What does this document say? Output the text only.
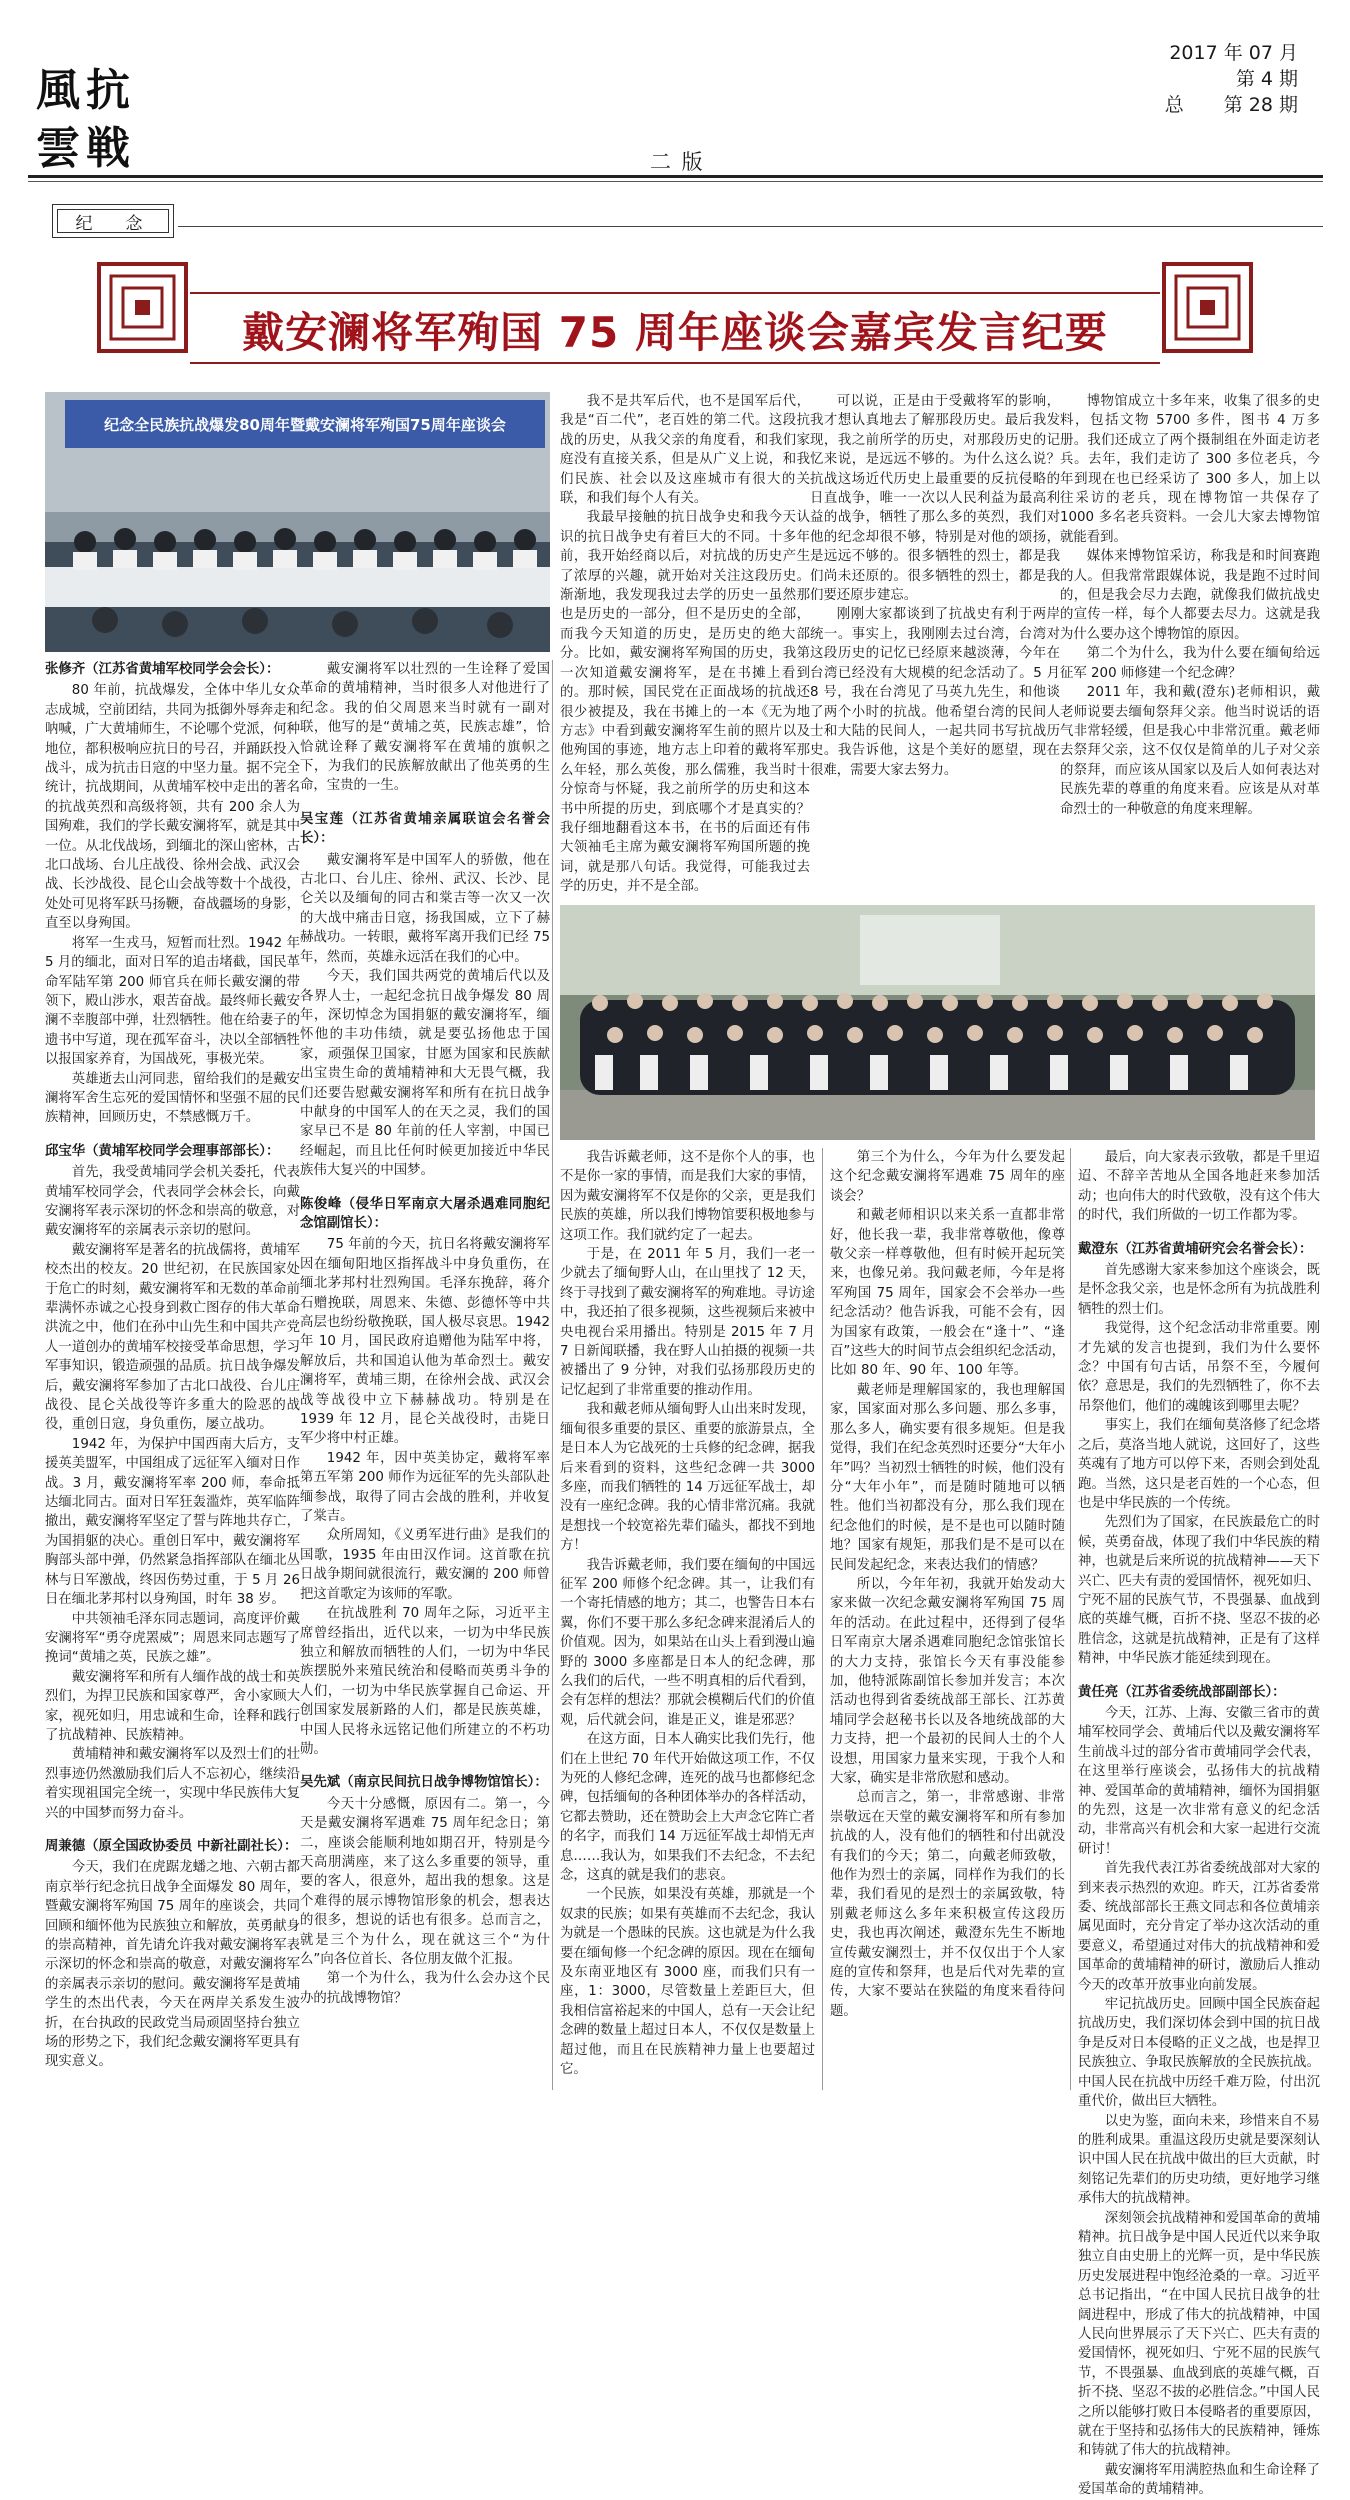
風 抗
雲 戦
2017 年 07 月
第 4 期
总 第 28 期
二 版
纪　念
戴安澜将军殉国 75 周年座谈会嘉宾发言纪要
纪念全民族抗战爆发80周年暨戴安澜将军殉国75周年座谈会

张修齐（江苏省黄埔军校同学会会长）：

80 年前，抗战爆发，全体中华儿女众志成城，空前团结，共同为抵御外辱奔走和呐喊，广大黄埔师生，不论哪个党派，何种地位，都积极响应抗日的号召，并踊跃投入战斗，成为抗击日寇的中坚力量。据不完全统计，抗战期间，从黄埔军校中走出的著名的抗战英烈和高级将领，共有 200 余人为国殉难，我们的学长戴安澜将军，就是其中一位。从北伐战场，到缅北的深山密林，古北口战场、台儿庄战役、徐州会战、武汉会战、长沙战役、昆仑山会战等数十个战役，处处可见将军跃马扬鞭，奋战疆场的身影，直至以身殉国。

将军一生戎马，短暂而壮烈。1942 年 5 月的缅北，面对日军的追击堵截，国民革命军陆军第 200 师官兵在师长戴安澜的带领下，殿山涉水，艰苦奋战。最终师长戴安澜不幸腹部中弹，壮烈牺牲。他在给妻子的遗书中写道，现在孤军奋斗，决以全部牺牲以报国家养育，为国战死，事极光荣。

英雄逝去山河同悲，留给我们的是戴安澜将军舍生忘死的爱国情怀和坚强不屈的民族精神，回顾历史，不禁感慨万千。

邱宝华（黄埔军校同学会理事部部长）：

首先，我受黄埔同学会机关委托，代表黄埔军校同学会，代表同学会林会长，向戴安澜将军表示深切的怀念和崇高的敬意，对戴安澜将军的亲属表示亲切的慰问。

戴安澜将军是著名的抗战儒将，黄埔军校杰出的校友。20 世纪初，在民族国家处于危亡的时刻，戴安澜将军和无数的革命前辈满怀赤诚之心投身到救亡图存的伟大革命洪流之中，他们在孙中山先生和中国共产党人一道创办的黄埔军校接受革命思想，学习军事知识，锻造顽强的品质。抗日战争爆发后，戴安澜将军参加了古北口战役、台儿庄战役、昆仑关战役等许多重大的险恶的战役，重创日寇，身负重伤，屡立战功。

1942 年，为保护中国西南大后方，支援英美盟军，中国组成了远征军入缅对日作战。3 月，戴安澜将军率 200 师，奉命抵达缅北同古。面对日军狂轰滥炸，英军临阵撤出，戴安澜将军坚定了誓与阵地共存亡，为国捐躯的决心。重创日军中，戴安澜将军胸部头部中弹，仍然紧急指挥部队在缅北丛林与日军激战，终因伤势过重，于 5 月 26 日在缅北茅邦村以身殉国，时年 38 岁。

中共领袖毛泽东同志题词，高度评价戴安澜将军“勇夺虎罴威”；周恩来同志题写了挽词“黄埔之英，民族之雄”。

戴安澜将军和所有人缅作战的战士和英烈们，为捍卫民族和国家尊严，舍小家顾大家，视死如归，用忠诚和生命，诠释和践行了抗战精神、民族精神。

黄埔精神和戴安澜将军以及烈士们的壮烈事迹仍然激励我们后人不忘初心，继续沿着实现祖国完全统一，实现中华民族伟大复兴的中国梦而努力奋斗。

周兼德（原全国政协委员 中新社副社长）：

今天，我们在虎踞龙蟠之地、六朝古都南京举行纪念抗日战争全面爆发 80 周年，暨戴安澜将军殉国 75 周年的座谈会，共同回顾和缅怀他为民族独立和解放，英勇献身的崇高精神，首先请允许我对戴安澜将军表示深切的怀念和崇高的敬意，对戴安澜将军的亲属表示亲切的慰问。戴安澜将军是黄埔学生的杰出代表，今天在两岸关系发生波折，在台执政的民政党当局顽固坚持台独立场的形势之下，我们纪念戴安澜将军更具有现实意义。

戴安澜将军以壮烈的一生诠释了爱国革命的黄埔精神，当时很多人对他进行了纪念。我的伯父周恩来当时就有一副对联，他写的是“黄埔之英，民族志雄”，恰恰就诠释了戴安澜将军在黄埔的旗帜之下，为我们的民族解放献出了他英勇的生命，宝贵的一生。

吴宝莲（江苏省黄埔亲属联谊会名誉会长）：

戴安澜将军是中国军人的骄傲，他在古北口、台儿庄、徐州、武汉、长沙、昆仑关以及缅甸的同古和棠吉等一次又一次的大战中痛击日寇，扬我国威，立下了赫赫战功。一转眼，戴将军离开我们已经 75 年，然而，英雄永远活在我们的心中。

今天，我们国共两党的黄埔后代以及各界人士，一起纪念抗日战争爆发 80 周年，深切悼念为国捐躯的戴安澜将军，缅怀他的丰功伟绩，就是要弘扬他忠于国家，顽强保卫国家，甘愿为国家和民族献出宝贵生命的黄埔精神和大无畏气概，我们还要告慰戴安澜将军和所有在抗日战争中献身的中国军人的在天之灵，我们的国家早已不是 80 年前的任人宰割，中国已经崛起，而且比任何时候更加接近中华民族伟大复兴的中国梦。

陈俊峰（侵华日军南京大屠杀遇难同胞纪念馆副馆长）：

75 年前的今天，抗日名将戴安澜将军因在缅甸阳地区指挥战斗中身负重伤，在缅北茅邦村壮烈殉国。毛泽东挽辞，蒋介石赠挽联，周恩来、朱德、彭德怀等中共高层也纷纷敬挽联，国人极尽哀思。1942 年 10 月，国民政府追赠他为陆军中将，解放后，共和国追认他为革命烈士。戴安澜将军，黄埔三期，在徐州会战、武汉会战等战役中立下赫赫战功。特别是在 1939 年 12 月，昆仑关战役时，击毙日军少将中村正雄。

1942 年，因中英美协定，戴将军率第五军第 200 师作为远征军的先头部队赴缅参战，取得了同古会战的胜利，并收复了棠吉。

众所周知，《义勇军进行曲》是我们的国歌，1935 年由田汉作词。这首歌在抗日战争期间就很流行，戴安澜的 200 师曾把这首歌定为该师的军歌。

在抗战胜利 70 周年之际，习近平主席曾经指出，近代以来，一切为中华民族独立和解放而牺牲的人们，一切为中华民族摆脱外来殖民统治和侵略而英勇斗争的人们，一切为中华民族掌握自己命运、开创国家发展新路的人们，都是民族英雄，中国人民将永远铭记他们所建立的不朽功勋。

吴先斌（南京民间抗日战争博物馆馆长）：

今天十分感慨，原因有二。第一，今天是戴安澜将军遇难 75 周年纪念日；第二，座谈会能顺利地如期召开，特别是今天高朋满座，来了这么多重要的领导，重要的客人，很意外，超出我的想象。这是个难得的展示博物馆形象的机会，想表达的很多，想说的话也有很多。总而言之，就是三个为什么，现在就这三个“为什么”向各位首长、各位朋友做个汇报。

第一个为什么，我为什么会办这个民办的抗战博物馆？

我不是共军后代，也不是国军后代，我是“百二代”，老百姓的第二代。这段抗战的历史，从我父亲的角度看，和我们家庭没有直接关系，但是从广义上说，和我们民族、社会以及这座城市有很大的关联，和我们每个人有关。

我最早接触的抗日战争史和我今天认识的抗日战争史有着巨大的不同。十多年前，我开始经商以后，对抗战的历史产生了浓厚的兴趣，就开始对关注这段历史。渐渐地，我发现我过去学的历史一虽然那也是历史的一部分，但不是历史的全部，而我今天知道的历史，是历史的绝大部分。比如，戴安澜将军殉国的历史，我第一次知道戴安澜将军，是在书摊上看到的。那时候，国民党在正面战场的抗战还很少被提及，我在书摊上的一本《无为地方志》中看到戴安澜将军生前的照片以及他殉国的事迹，地方志上印着的戴将军那么年轻，那么英俊，那么儒雅，我当时十分惊奇与怀疑，我之前所学的历史和这本书中所提的历史，到底哪个才是真实的？我仔细地翻看这本书，在书的后面还有伟大领袖毛主席为戴安澜将军殉国所题的挽词，就是那八句话。我觉得，可能我过去学的历史，并不是全部。

可以说，正是由于受戴将军的影响，我才想认真地去了解那段历史。最后我发现，我之前所学的历史，对那段历史的记忆来说，是远远不够的。为什么这么说？抗战这场近代历史上最重要的反抗侵略的日直战争，唯一一次以人民利益为最高利益的战争，牺牲了那么多的英烈，我们对他的纪念却很不够，特别是对他的颂扬，是远远不够的。很多牺牲的烈士，都是我们尚未还原的。很多牺牲的烈士，都是我们要还原步建忘。

刚刚大家都谈到了抗战史有利于两岸统一。事实上，我刚刚去过台湾，台湾对这段历史的记忆已经原来越淡薄，今年在台湾已经没有大规模的纪念活动了。5 月 8 号，我在台湾见了马英九先生，和他谈了两个小时的抗战。他希望台湾的民间人士和大陆的民间人，一起共同书写抗战历史。我告诉他，这是个美好的愿望，现在很难，需要大家去努力。

博物馆成立十多年来，收集了很多的史料，包括文物 5700 多件，图书 4 万多册。我们还成立了两个摄制组在外面走访老兵。去年，我们走访了 300 多位老兵，今年到现在也已经采访了 300 多人，加上以往采访的老兵，现在博物馆一共保存了 1000 多名老兵资料。一会儿大家去博物馆就能看到。

媒体来博物馆采访，称我是和时间赛跑的人。但我常常跟媒体说，我是跑不过时间的，但是我会尽力去跑，就像我们做抗战史的宣传一样，每个人都要去尽力。这就是我为什么要办这个博物馆的原因。

第二个为什么，我为什么要在缅甸给远征军 200 师修建一个纪念碑？

2011 年，我和戴(澄东)老师相识，戴老师说要去缅甸祭拜父亲。他当时说话的语气非常轻缓，但是我心中非常沉重。戴老师去祭拜父亲，这不仅仅是简单的儿子对父亲的祭拜，而应该从国家以及后人如何表达对民族先辈的尊重的角度来看。应该是从对革命烈士的一种敬意的角度来理解。

我告诉戴老师，这不是你个人的事，也不是你一家的事情，而是我们大家的事情，因为戴安澜将军不仅是你的父亲，更是我们民族的英雄，所以我们博物馆要积极地参与这项工作。我们就约定了一起去。

于是，在 2011 年 5 月，我们一老一少就去了缅甸野人山，在山里找了 12 天，终于寻找到了戴安澜将军的殉难地。寻访途中，我还拍了很多视频，这些视频后来被中央电视台采用播出。特别是 2015 年 7 月 7 日新闻联播，我在野人山拍摄的视频一共被播出了 9 分钟，对我们弘扬那段历史的记忆起到了非常重要的推动作用。

我和戴老师从缅甸野人山出来时发现，缅甸很多重要的景区、重要的旅游景点，全是日本人为它战死的士兵修的纪念碑，据我后来看到的资料，这些纪念碑一共 3000 多座，而我们牺牲的 14 万远征军战士，却没有一座纪念碑。我的心情非常沉痛。我就是想找一个较宽裕先辈们磕头，都找不到地方！

我告诉戴老师，我们要在缅甸的中国远征军 200 师修个纪念碑。其一，让我们有一个寄托情感的地方；其二，也警告日本右翼，你们不要干那么多纪念碑来混淆后人的价值观。因为，如果站在山头上看到漫山遍野的 3000 多座都是日本人的纪念碑，那么我们的后代，一些不明真相的后代看到，会有怎样的想法？那就会模糊后代们的价值观，后代就会问，谁是正义，谁是邪恶？

在这方面，日本人确实比我们先行，他们在上世纪 70 年代开始做这项工作，不仅为死的人修纪念碑，连死的战马也都修纪念碑，包括缅甸的各种团体举办的各样活动，它都去赞助，还在赞助会上大声念它阵亡者的名字，而我们 14 万远征军战士却悄无声息……我认为，如果我们不去纪念，不去纪念，这真的就是我们的悲哀。

一个民族，如果没有英雄，那就是一个奴隶的民族；如果有英雄而不去纪念，我认为就是一个愚昧的民族。这也就是为什么我要在缅甸修一个纪念碑的原因。现在在缅甸及东南亚地区有 3000 座，而我们只有一座，1：3000，尽管数量上差距巨大，但我相信富裕起来的中国人，总有一天会让纪念碑的数量上超过日本人，不仅仅是数量上超过他，而且在民族精神力量上也要超过它。

第三个为什么，今年为什么要发起这个纪念戴安澜将军遇难 75 周年的座谈会？

和戴老师相识以来关系一直都非常好，他长我一辈，我非常尊敬他，像尊敬父亲一样尊敬他，但有时候开起玩笑来，也像兄弟。我问戴老师，今年是将军殉国 75 周年，国家会不会举办一些纪念活动？他告诉我，可能不会有，因为国家有政策，一般会在“逢十”、“逢百”这些大的时间节点会组织纪念活动，比如 80 年、90 年、100 年等。

戴老师是理解国家的，我也理解国家，国家面对那么多问题、那么多事，那么多人，确实要有很多规矩。但是我觉得，我们在纪念英烈时还要分“大年小年”吗？当初烈士牺牲的时候，他们没有分“大年小年”，而是随时随地可以牺牲。他们当初都没有分，那么我们现在纪念他们的时候，是不是也可以随时随地？国家有规矩，那我们是不是可以在民间发起纪念，来表达我们的情感？

所以，今年年初，我就开始发动大家来做一次纪念戴安澜将军殉国 75 周年的活动。在此过程中，还得到了侵华日军南京大屠杀遇难同胞纪念馆张馆长的大力支持，张馆长今天有事没能参加，他特派陈副馆长参加并发言；本次活动也得到省委统战部王部长、江苏黄埔同学会赵秘书长以及各地统战部的大力支持，把一个最初的民间人士的个人设想，用国家力量来实现，于我个人和大家，确实是非常欣慰和感动。

总而言之，第一，非常感谢、非常崇敬远在天堂的戴安澜将军和所有参加抗战的人，没有他们的牺牲和付出就没有我们的今天；第二，向戴老师致敬，他作为烈士的亲属，同样作为我们的长辈，我们看见的是烈士的亲属致敬，特别戴老师这么多年来积极宣传这段历史，我也再次阐述，戴澄东先生不断地宣传戴安澜烈士，并不仅仅出于个人家庭的宣传和祭拜，也是后代对先辈的宣传，大家不要站在狭隘的角度来看待问题。

最后，向大家表示致敬，都是千里迢迢、不辞辛苦地从全国各地赶来参加活动；也向伟大的时代致敬，没有这个伟大的时代，我们所做的一切工作都为零。

戴澄东（江苏省黄埔研究会名誉会长）：

首先感谢大家来参加这个座谈会，既是怀念我父亲，也是怀念所有为抗战胜利牺牲的烈士们。

我觉得，这个纪念活动非常重要。刚才先斌的发言也提到，我们为什么要怀念？中国有句古话，吊祭不至，今履何依？意思是，我们的先烈牺牲了，你不去吊祭他们，他们的魂魄该到哪里去呢？

事实上，我们在缅甸莫洛修了纪念塔之后，莫洛当地人就说，这回好了，这些英魂有了地方可以停下来，否则会到处乱跑。当然，这只是老百姓的一个心态，但也是中华民族的一个传统。

先烈们为了国家，在民族最危亡的时候，英勇奋战，体现了我们中华民族的精神，也就是后来所说的抗战精神——天下兴亡、匹夫有责的爱国情怀，视死如归、宁死不屈的民族气节，不畏强暴、血战到底的英雄气概，百折不挠、坚忍不拔的必胜信念，这就是抗战精神，正是有了这样精神，中华民族才能延续到现在。

黄任亮（江苏省委统战部副部长）：

今天，江苏、上海、安徽三省市的黄埔军校同学会、黄埔后代以及戴安澜将军生前战斗过的部分省市黄埔同学会代表，在这里举行座谈会，弘扬伟大的抗战精神、爱国革命的黄埔精神，缅怀为国捐躯的先烈，这是一次非常有意义的纪念活动，非常高兴有机会和大家一起进行交流研讨！

首先我代表江苏省委统战部对大家的到来表示热烈的欢迎。昨天，江苏省委常委、统战部部长王燕文同志和各位黄埔亲属见面时，充分肯定了举办这次活动的重要意义，希望通过对伟大的抗战精神和爱国革命的黄埔精神的研讨，激励后人推动今天的改革开放事业向前发展。

牢记抗战历史。回顾中国全民族奋起抗战历史，我们深切体会到中国的抗日战争是反对日本侵略的正义之战，也是捍卫民族独立、争取民族解放的全民族抗战。中国人民在抗战中历经千难万险，付出沉重代价，做出巨大牺牲。

以史为鉴，面向未来，珍惜来自不易的胜利成果。重温这段历史就是要深刻认识中国人民在抗战中做出的巨大贡献，时刻铭记先辈们的历史功绩，更好地学习继承伟大的抗战精神。

深刻领会抗战精神和爱国革命的黄埔精神。抗日战争是中国人民近代以来争取独立自由史册上的光辉一页，是中华民族历史发展进程中饱经沧桑的一章。习近平总书记指出，“在中国人民抗日战争的壮阔进程中，形成了伟大的抗战精神，中国人民向世界展示了天下兴亡、匹夫有责的爱国情怀，视死如归、宁死不屈的民族气节，不畏强暴、血战到底的英雄气概，百折不挠、坚忍不拔的必胜信念。”中国人民之所以能够打败日本侵略者的重要原因，就在于坚持和弘扬伟大的民族精神，锤炼和铸就了伟大的抗战精神。

戴安澜将军用满腔热血和生命诠释了爱国革命的黄埔精神。
